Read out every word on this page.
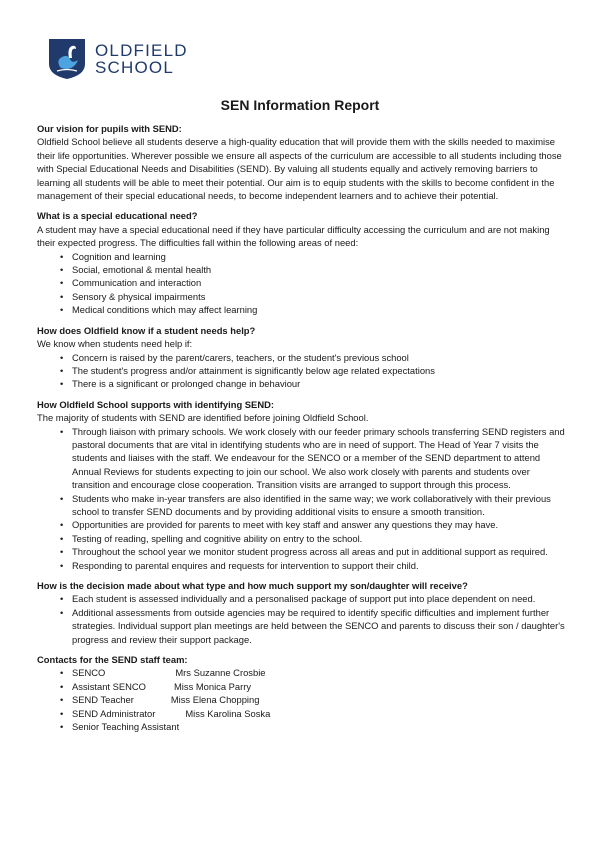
OLDFIELD
SCHOOL
SEN Information Report
Our vision for pupils with SEND:

Oldfield School believe all students deserve a high-quality education that will provide them with the skills needed to maximise their life opportunities. Wherever possible we ensure all aspects of the curriculum are accessible to all students including those with Special Educational Needs and Disabilities (SEND). By valuing all students equally and actively removing barriers to learning all students will be able to meet their potential. Our aim is to equip students with the skills to become confident in the management of their special educational needs, to become independent learners and to achieve their potential.

What is a special educational need?

A student may have a special educational need if they have particular difficulty accessing the curriculum and are not making their expected progress. The difficulties fall within the following areas of need:

• Cognition and learning
• Social, emotional & mental health
• Communication and interaction
• Sensory & physical impairments
• Medical conditions which may affect learning
How does Oldfield know if a student needs help?

We know when students need help if:

• Concern is raised by the parent/carers, teachers, or the student's previous school
• The student's progress and/or attainment is significantly below age related expectations
• There is a significant or prolonged change in behaviour
How Oldfield School supports with identifying SEND:

The majority of students with SEND are identified before joining Oldfield School.

• Through liaison with primary schools. We work closely with our feeder primary schools transferring SEND registers and pastoral documents that are vital in identifying students who are in need of support. The Head of Year 7 visits the students and liaises with the staff. We endeavour for the SENCO or a member of the SEND department to attend Annual Reviews for students expecting to join our school. We also work closely with parents and students over transition and encourage close cooperation. Transition visits are arranged to support through this process.
• Students who make in-year transfers are also identified in the same way; we work collaboratively with their previous school to transfer SEND documents and by providing additional visits to ensure a smooth transition.
• Opportunities are provided for parents to meet with key staff and answer any questions they may have.
• Testing of reading, spelling and cognitive ability on entry to the school.
• Throughout the school year we monitor student progress across all areas and put in additional support as required.
• Responding to parental enquires and requests for intervention to support their child.
How is the decision made about what type and how much support my son/daughter will receive?
• Each student is assessed individually and a personalised package of support put into place dependent on need.
• Additional assessments from outside agencies may be required to identify specific difficulties and implement further strategies. Individual support plan meetings are held between the SENCO and parents to discuss their son / daughter's progress and review their support package.
Contacts for the SEND staff team:
• SENCO	Mrs Suzanne Crosbie
• Assistant SENCO	Miss Monica Parry
• SEND Teacher	Miss Elena Chopping
• SEND Administrator	Miss Karolina Soska
• Senior Teaching Assistant
